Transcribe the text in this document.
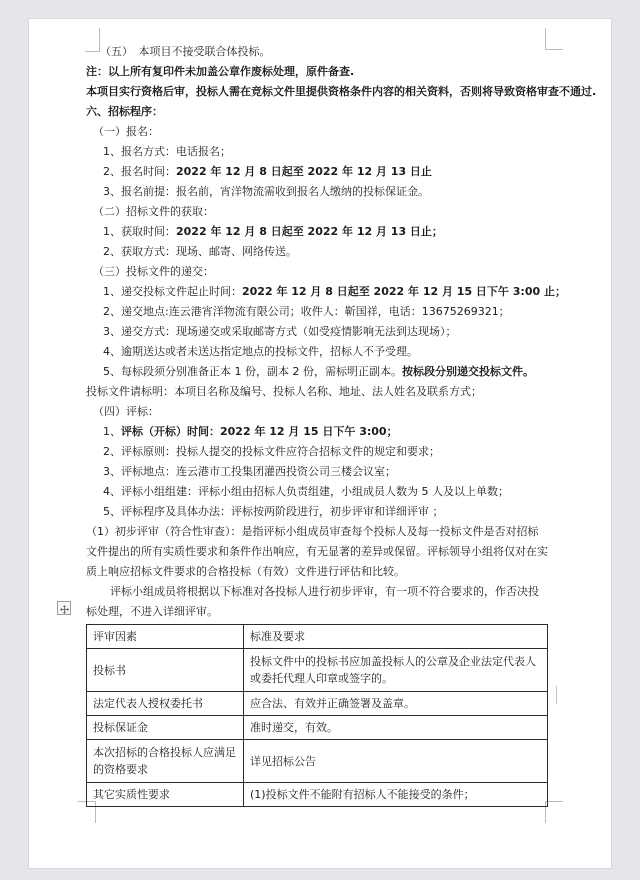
（五）　本项目不接受联合体投标。

注：以上所有复印件未加盖公章作废标处理，原件备查.

本项目实行资格后审，投标人需在竞标文件里提供资格条件内容的相关资料，否则将导致资格审查不通过.

六、招标程序：

（一）报名：

1、报名方式：电话报名；

2、报名时间：2022 年 12 月 8 日起至 2022 年 12 月 13 日止

3、报名前提：报名前，宵洋物流需收到报名人缴纳的投标保证金。

（二）招标文件的获取：

1、获取时间：2022 年 12 月 8 日起至 2022 年 12 月 13 日止；

2、获取方式：现场、邮寄、网络传送。

（三）投标文件的递交：

1、递交投标文件起止时间：2022 年 12 月 8 日起至 2022 年 12 月 15 日下午 3:00 止；

2、递交地点:连云港宵洋物流有限公司；收件人：靳国祥，电话：13675269321；

3、递交方式：现场递交或采取邮寄方式（如受疫情影响无法到达现场）；

4、逾期送达或者未送达指定地点的投标文件，招标人不予受理。

5、每标段须分别准备正本 1 份，副本 2 份，需标明正副本。按标段分别递交投标文件。

投标文件请标明：本项目名称及编号、投标人名称、地址、法人姓名及联系方式；

（四）评标：

1、评标（开标）时间：2022 年 12 月 15 日下午 3:00；

2、评标原则：投标人提交的投标文件应符合招标文件的规定和要求；

3、评标地点：连云港市工投集团灌西投资公司三楼会议室；

4、评标小组组建：评标小组由招标人负责组建，小组成员人数为 5 人及以上单数；

5、评标程序及具体办法：评标按两阶段进行，初步评审和详细评审 ；

（1）初步评审（符合性审查）：是指评标小组成员审查每个投标人及每一投标文件是否对招标文件提出的所有实质性要求和条件作出响应，有无显著的差异或保留。评标领导小组将仅对在实质上响应招标文件要求的合格投标（有效）文件进行评估和比较。

评标小组成员将根据以下标准对各投标人进行初步评审，有一项不符合要求的，作否决投标处理，不进入详细评审。

评审因素	标准及要求
投标书	投标文件中的投标书应加盖投标人的公章及企业法定代表人或委托代理人印章或签字的。
法定代表人授权委托书	应合法、有效并正确签署及盖章。
投标保证金	准时递交，有效。
本次招标的合格投标人应满足的资格要求	详见招标公告
其它实质性要求	(1)投标文件不能附有招标人不能接受的条件；
